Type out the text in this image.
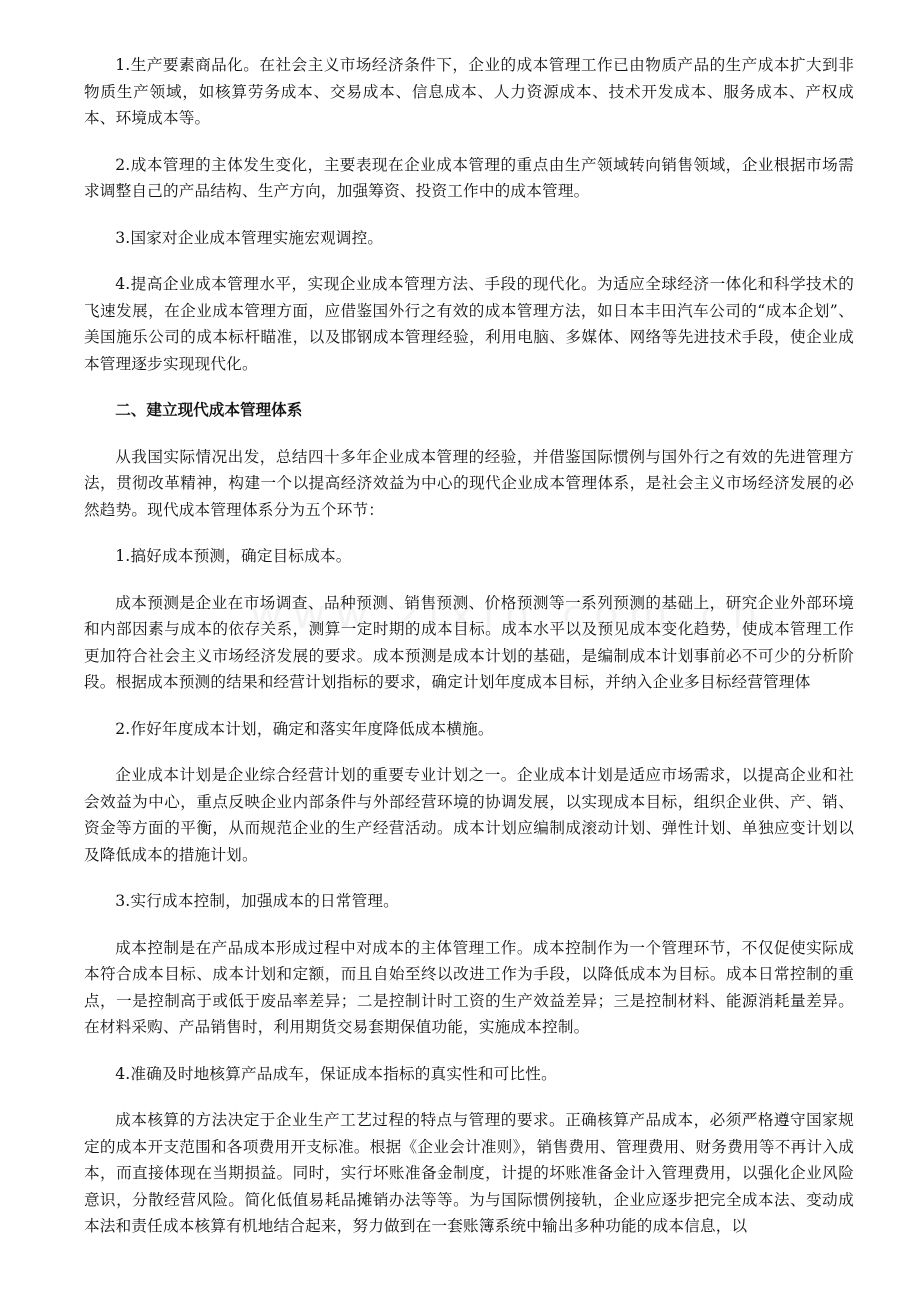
1.生产要素商品化。在社会主义市场经济条件下，企业的成本管理工作已由物质产品的生产成本扩大到非物质生产领域，如核算劳务成本、交易成本、信息成本、人力资源成本、技术开发成本、服务成本、产权成本、环境成本等。

2.成本管理的主体发生变化，主要表现在企业成本管理的重点由生产领域转向销售领域，企业根据市场需求调整自己的产品结构、生产方向，加强筹资、投资工作中的成本管理。

3.国家对企业成本管理实施宏观调控。

4.提高企业成本管理水平，实现企业成本管理方法、手段的现代化。为适应全球经济一体化和科学技术的飞速发展，在企业成本管理方面，应借鉴国外行之有效的成本管理方法，如日本丰田汽车公司的“成本企划”、美国施乐公司的成本标杆瞄准，以及邯钢成本管理经验，利用电脑、多媒体、网络等先进技术手段，使企业成本管理逐步实现现代化。

二、建立现代成本管理体系

从我国实际情况出发，总结四十多年企业成本管理的经验，并借鉴国际惯例与国外行之有效的先进管理方法，贯彻改革精神，构建一个以提高经济效益为中心的现代企业成本管理体系，是社会主义市场经济发展的必然趋势。现代成本管理体系分为五个环节：

1.搞好成本预测，确定目标成本。

成本预测是企业在市场调查、品种预测、销售预测、价格预测等一系列预测的基础上，研究企业外部环境和内部因素与成本的依存关系，测算一定时期的成本目标。成本水平以及预见成本变化趋势，使成本管理工作更加符合社会主义市场经济发展的要求。成本预测是成本计划的基础，是编制成本计划事前必不可少的分析阶段。根据成本预测的结果和经营计划指标的要求，确定计划年度成本目标，并纳入企业多目标经营管理体

2.作好年度成本计划，确定和落实年度降低成本横施。

企业成本计划是企业综合经营计划的重要专业计划之一。企业成本计划是适应市场需求，以提高企业和社会效益为中心，重点反映企业内部条件与外部经营环境的协调发展，以实现成本目标，组织企业供、产、销、资金等方面的平衡，从而规范企业的生产经营活动。成本计划应编制成滚动计划、弹性计划、单独应变计划以及降低成本的措施计划。

3.实行成本控制，加强成本的日常管理。

成本控制是在产品成本形成过程中对成本的主体管理工作。成本控制作为一个管理环节，不仅促使实际成本符合成本目标、成本计划和定额，而且自始至终以改进工作为手段，以降低成本为目标。成本日常控制的重点，一是控制高于或低于废品率差异；二是控制计时工资的生产效益差异；三是控制材料、能源消耗量差异。在材料采购、产品销售时，利用期货交易套期保值功能，实施成本控制。

4.准确及时地核算产品成车，保证成本指标的真实性和可比性。

成本核算的方法决定于企业生产工艺过程的特点与管理的要求。正确核算产品成本，必须严格遵守国家规定的成本开支范围和各项费用开支标准。根据《企业会计准则》，销售费用、管理费用、财务费用等不再计入成本，而直接体现在当期损益。同时，实行坏账准备金制度，计提的坏账准备金计入管理费用，以强化企业风险意识，分散经营风险。简化低值易耗品摊销办法等等。为与国际惯例接轨，企业应逐步把完全成本法、变动成本法和责任成本核算有机地结合起来，努力做到在一套账簿系统中输出多种功能的成本信息，以
